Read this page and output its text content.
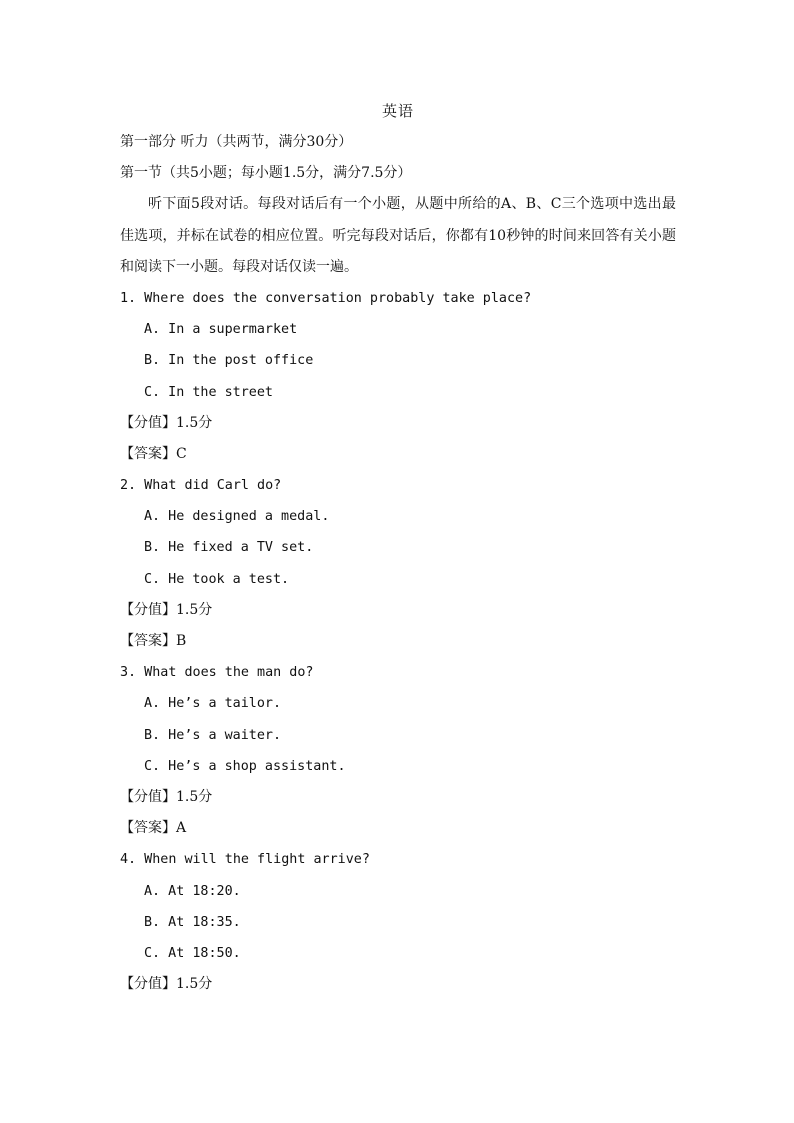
英语
第一部分 听力（共两节，满分30分）
第一节（共5小题；每小题1.5分，满分7.5分）
听下面5段对话。每段对话后有一个小题，从题中所给的A、B、C三个选项中选出最佳选项，并标在试卷的相应位置。听完每段对话后，你都有10秒钟的时间来回答有关小题和阅读下一小题。每段对话仅读一遍。
1. Where does the conversation probably take place?
A. In a supermarket
B. In the post office
C. In the street
【分值】1.5分
【答案】C
2. What did Carl do?
A. He designed a medal.
B. He fixed a TV set.
C. He took a test.
【分值】1.5分
【答案】B
3. What does the man do?
A. He’s a tailor.
B. He’s a waiter.
C. He’s a shop assistant.
【分值】1.5分
【答案】A
4. When will the flight arrive?
A. At 18:20.
B. At 18:35.
C. At 18:50.
【分值】1.5分
